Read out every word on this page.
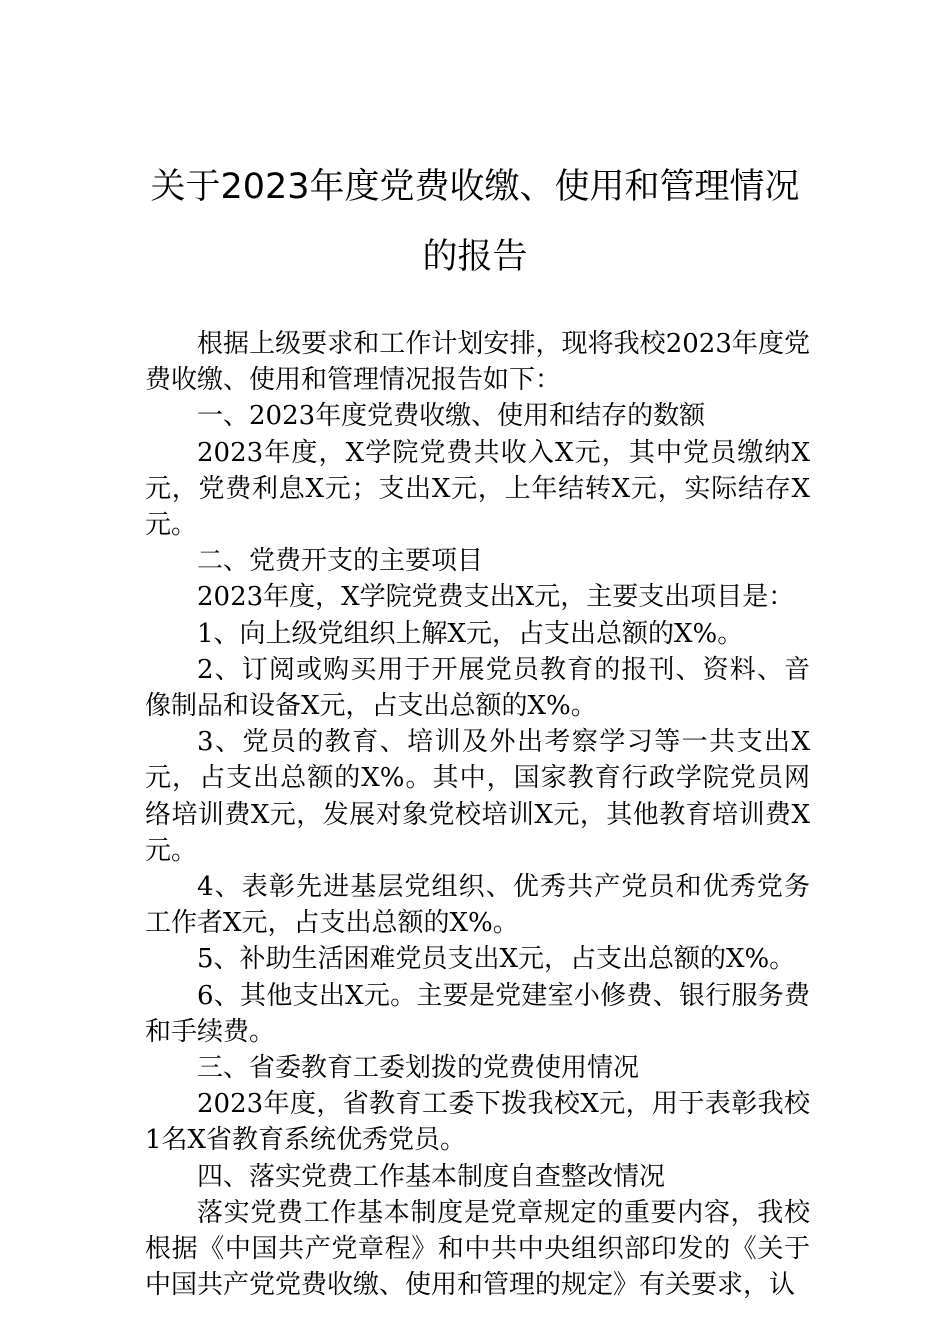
关于2023年度党费收缴、使用和管理情况
的报告

根据上级要求和工作计划安排，现将我校2023年度党费收缴、使用和管理情况报告如下：

一、2023年度党费收缴、使用和结存的数额

2023年度，X学院党费共收入X元，其中党员缴纳X元，党费利息X元；支出X元，上年结转X元，实际结存X元。

二、党费开支的主要项目

2023年度，X学院党费支出X元，主要支出项目是：

1、向上级党组织上解X元，占支出总额的X%。

2、订阅或购买用于开展党员教育的报刊、资料、音像制品和设备X元，占支出总额的X%。

3、党员的教育、培训及外出考察学习等一共支出X元，占支出总额的X%。其中，国家教育行政学院党员网络培训费X元，发展对象党校培训X元，其他教育培训费X元。

4、表彰先进基层党组织、优秀共产党员和优秀党务工作者X元，占支出总额的X%。

5、补助生活困难党员支出X元，占支出总额的X%。

6、其他支出X元。主要是党建室小修费、银行服务费和手续费。

三、省委教育工委划拨的党费使用情况

2023年度，省教育工委下拨我校X元，用于表彰我校1名X省教育系统优秀党员。

四、落实党费工作基本制度自查整改情况

落实党费工作基本制度是党章规定的重要内容，我校根据《中国共产党章程》和中共中央组织部印发的《关于中国共产党党费收缴、使用和管理的规定》有关要求，认
